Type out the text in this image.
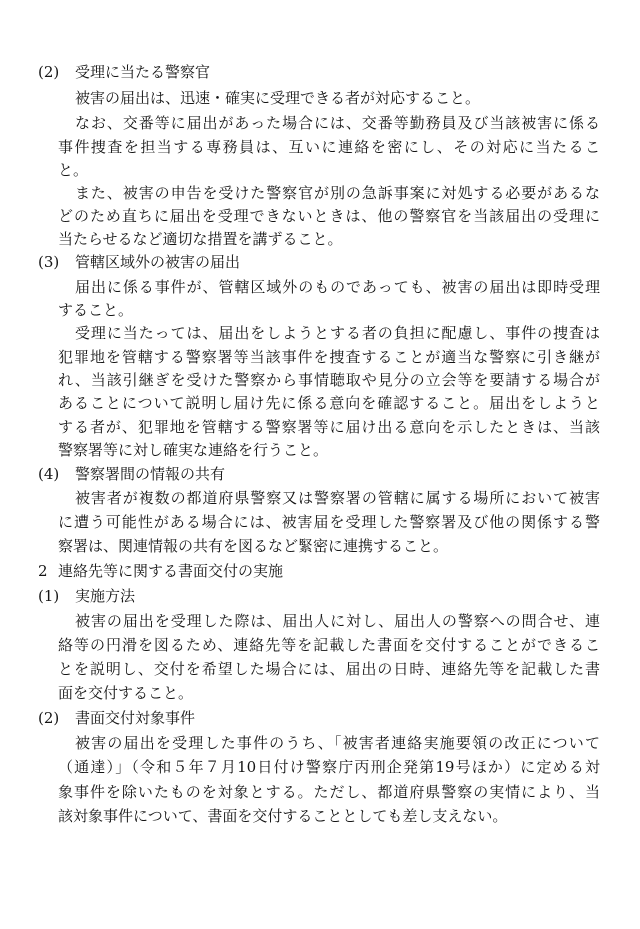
(2) 受理に当たる警察官
被害の届出は、迅速・確実に受理できる者が対応すること。
なお、交番等に届出があった場合には、交番等勤務員及び当該被害に係る
事件捜査を担当する専務員は、互いに連絡を密にし、その対応に当たるこ
と。
また、被害の申告を受けた警察官が別の急訴事案に対処する必要があるな
どのため直ちに届出を受理できないときは、他の警察官を当該届出の受理に
当たらせるなど適切な措置を講ずること。
(3) 管轄区域外の被害の届出
届出に係る事件が、管轄区域外のものであっても、被害の届出は即時受理
すること。
受理に当たっては、届出をしようとする者の負担に配慮し、事件の捜査は
犯罪地を管轄する警察署等当該事件を捜査することが適当な警察に引き継が
れ、当該引継ぎを受けた警察から事情聴取や見分の立会等を要請する場合が
あることについて説明し届け先に係る意向を確認すること。届出をしようと
する者が、犯罪地を管轄する警察署等に届け出る意向を示したときは、当該
警察署等に対し確実な連絡を行うこと。
(4) 警察署間の情報の共有
被害者が複数の都道府県警察又は警察署の管轄に属する場所において被害
に遭う可能性がある場合には、被害届を受理した警察署及び他の関係する警
察署は、関連情報の共有を図るなど緊密に連携すること。
2 連絡先等に関する書面交付の実施
(1) 実施方法
被害の届出を受理した際は、届出人に対し、届出人の警察への問合せ、連
絡等の円滑を図るため、連絡先等を記載した書面を交付することができるこ
とを説明し、交付を希望した場合には、届出の日時、連絡先等を記載した書
面を交付すること。
(2) 書面交付対象事件
被害の届出を受理した事件のうち、「被害者連絡実施要領の改正について
（通達）」（令和５年７月10日付け警察庁丙刑企発第19号ほか）に定める対
象事件を除いたものを対象とする。ただし、都道府県警察の実情により、当
該対象事件について、書面を交付することとしても差し支えない。
